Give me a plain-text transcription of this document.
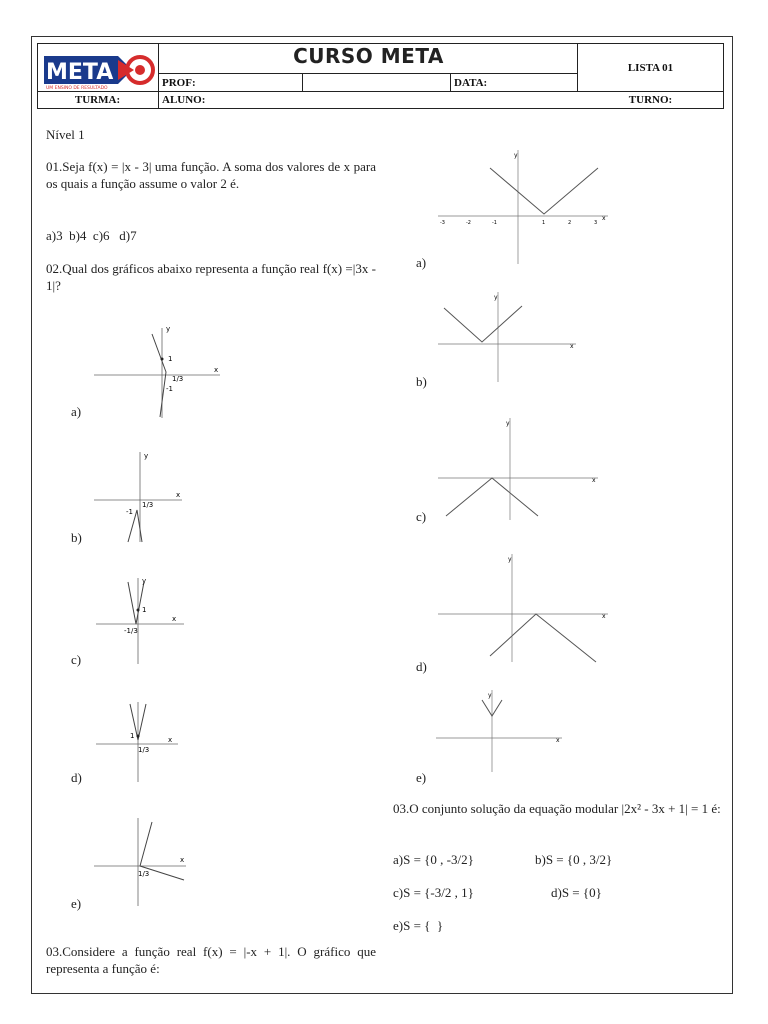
META
UM ENSINO DE RESULTADO
CURSO META	LISTA 01
PROF:	DATA:
TURMA:	ALUNO:	TURNO:
Nível 1
01.Seja f(x) = |x - 3| uma função. A soma dos valores de x para os quais a função assume o valor 2 é.
a)3  b)4  c)6   d)7
02.Qual dos gráficos abaixo representa a função real f(x) =|3x - 1|?
y
x
1
1/3
-1
a)
y
x
1/3
-1
b)
y
x
1
-1/3
c)
x
1
1/3
d)
x
1/3
e)
03.Considere a função real f(x) = |-x + 1|. O gráfico que representa a função é:
y
x
-3	-2	-1	1	2	3
a)
y
x
b)
y
x
c)
y
x
d)
y
x
e)
03.O conjunto solução da equação modular |2x² - 3x + 1| = 1 é:
a)S = {0 , -3/2}	b)S = {0 , 3/2}
c)S = {-3/2 , 1}	d)S = {0}
e)S = {  }
